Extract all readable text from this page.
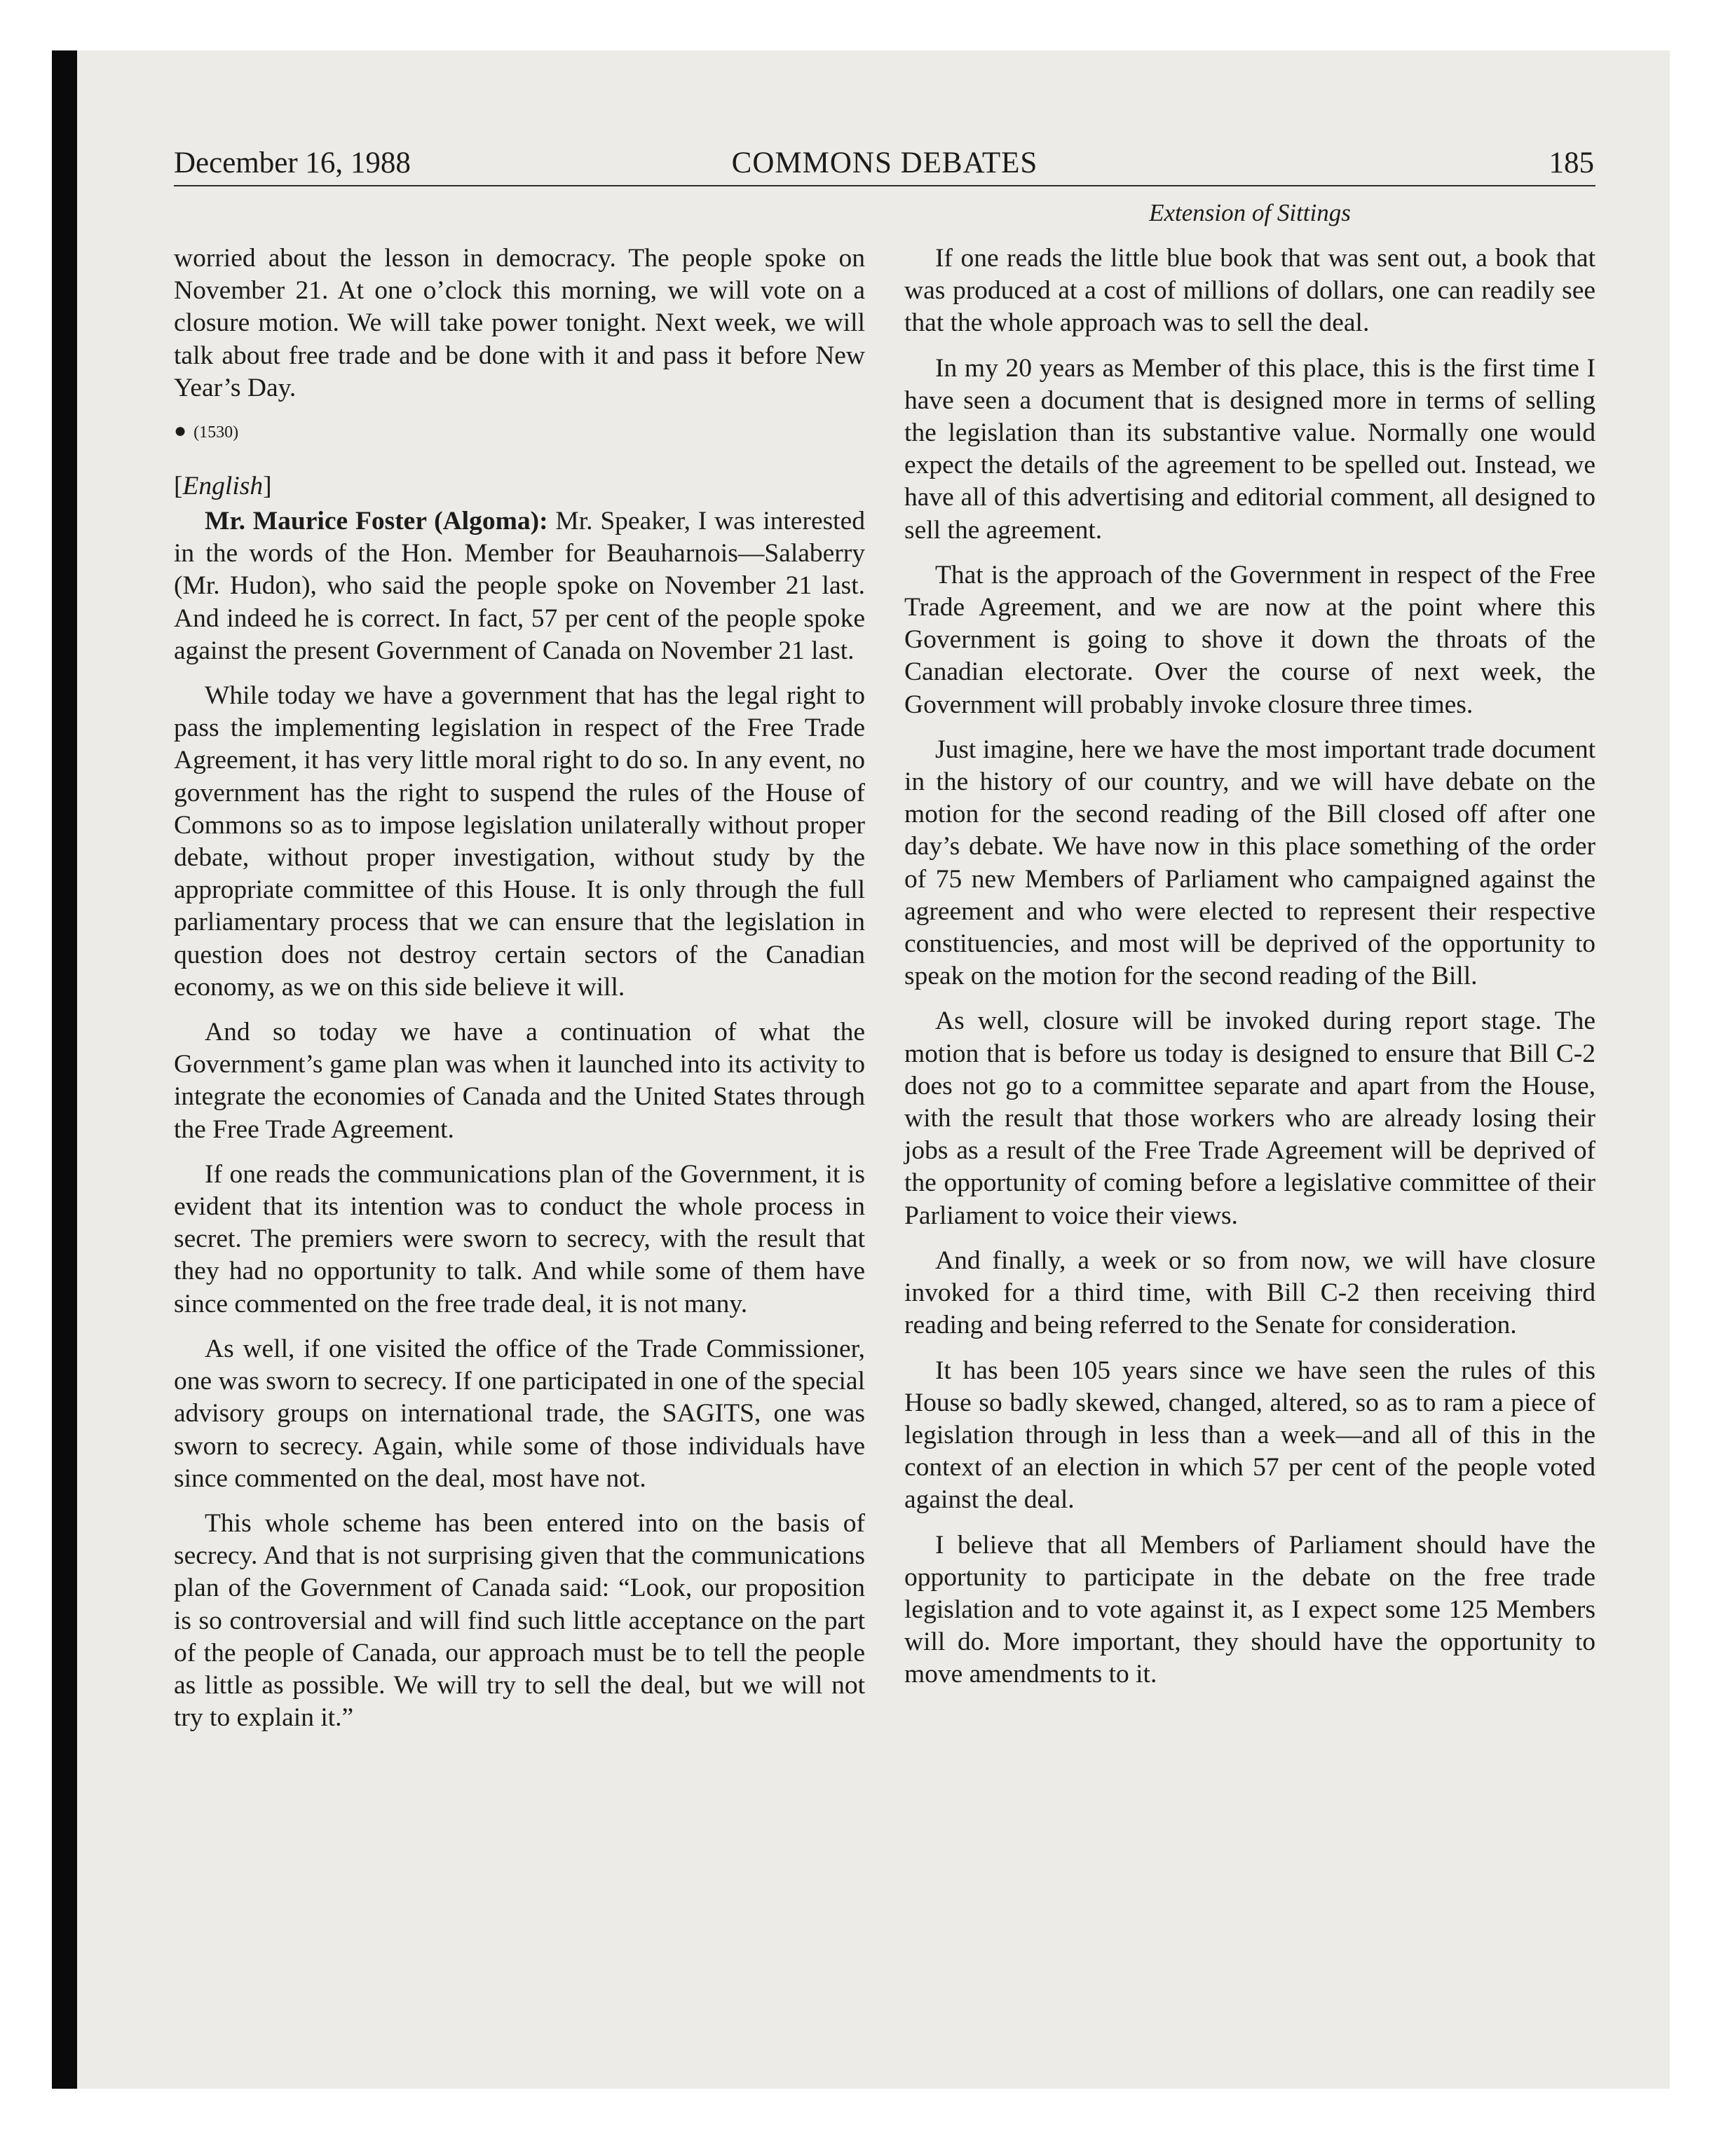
COMMONS DEBATES
December 16, 1988	185
Extension of Sittings

worried about the lesson in democracy. The people spoke on November 21. At one o’clock this morning, we will vote on a closure motion. We will take power tonight. Next week, we will talk about free trade and be done with it and pass it before New Year’s Day.

● (1530)
[English]

Mr. Maurice Foster (Algoma): Mr. Speaker, I was interested in the words of the Hon. Member for Beauharnois—Salaberry (Mr. Hudon), who said the people spoke on November 21 last. And indeed he is correct. In fact, 57 per cent of the people spoke against the present Government of Canada on November 21 last.

While today we have a government that has the legal right to pass the implementing legislation in respect of the Free Trade Agreement, it has very little moral right to do so. In any event, no government has the right to suspend the rules of the House of Commons so as to impose legislation unilaterally without proper debate, without proper investigation, without study by the appropriate committee of this House. It is only through the full parliamentary process that we can ensure that the legislation in question does not destroy certain sectors of the Canadian economy, as we on this side believe it will.

And so today we have a continuation of what the Government’s game plan was when it launched into its activity to integrate the economies of Canada and the United States through the Free Trade Agreement.

If one reads the communications plan of the Government, it is evident that its intention was to conduct the whole process in secret. The premiers were sworn to secrecy, with the result that they had no opportunity to talk. And while some of them have since commented on the free trade deal, it is not many.

As well, if one visited the office of the Trade Commissioner, one was sworn to secrecy. If one participated in one of the special advisory groups on international trade, the SAGITS, one was sworn to secrecy. Again, while some of those individuals have since commented on the deal, most have not.

This whole scheme has been entered into on the basis of secrecy. And that is not surprising given that the communications plan of the Government of Canada said: “Look, our proposition is so controversial and will find such little acceptance on the part of the people of Canada, our approach must be to tell the people as little as possible. We will try to sell the deal, but we will not try to explain it.”

If one reads the little blue book that was sent out, a book that was produced at a cost of millions of dollars, one can readily see that the whole approach was to sell the deal.

In my 20 years as Member of this place, this is the first time I have seen a document that is designed more in terms of selling the legislation than its substantive value. Normally one would expect the details of the agreement to be spelled out. Instead, we have all of this advertising and editorial comment, all designed to sell the agreement.

That is the approach of the Government in respect of the Free Trade Agreement, and we are now at the point where this Government is going to shove it down the throats of the Canadian electorate. Over the course of next week, the Government will probably invoke closure three times.

Just imagine, here we have the most important trade document in the history of our country, and we will have debate on the motion for the second reading of the Bill closed off after one day’s debate. We have now in this place something of the order of 75 new Members of Parliament who campaigned against the agreement and who were elected to represent their respective constituencies, and most will be deprived of the opportunity to speak on the motion for the second reading of the Bill.

As well, closure will be invoked during report stage. The motion that is before us today is designed to ensure that Bill C-2 does not go to a committee separate and apart from the House, with the result that those workers who are already losing their jobs as a result of the Free Trade Agreement will be deprived of the opportunity of coming before a legislative committee of their Parliament to voice their views.

And finally, a week or so from now, we will have closure invoked for a third time, with Bill C-2 then receiving third reading and being referred to the Senate for consideration.

It has been 105 years since we have seen the rules of this House so badly skewed, changed, altered, so as to ram a piece of legislation through in less than a week—and all of this in the context of an election in which 57 per cent of the people voted against the deal.

I believe that all Members of Parliament should have the opportunity to participate in the debate on the free trade legislation and to vote against it, as I expect some 125 Members will do. More important, they should have the opportunity to move amendments to it.
